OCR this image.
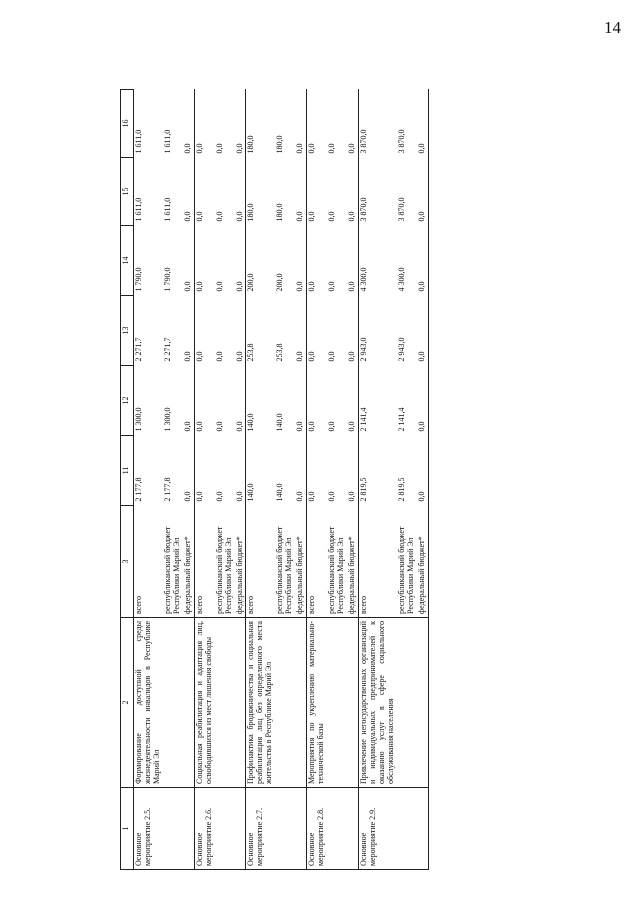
14
1	2	3	11	12	13	14	15	16
Основное мероприятие 2.5.	Формирование доступной среды жизнедеятельности инвалидов в Республике Марий Эл	всего	2 177,8	1 300,0	2 271,7	1 790,0	1 611,0	1 611,0
		республиканский бюджет Республики Марий Эл	2 177,8	1 300,0	2 271,7	1 790,0	1 611,0	1 611,0
		федеральный бюджет*	0,0	0,0	0,0	0,0	0,0	0,0
Основное мероприятие 2.6.	Социальная реабилитация и адаптация лиц, освободившихся из мест лишения свободы	всего	0,0	0,0	0,0	0,0	0,0	0,0
		республиканский бюджет Республики Марий Эл	0,0	0,0	0,0	0,0	0,0	0,0
		федеральный бюджет*	0,0	0,0	0,0	0,0	0,0	0,0
Основное мероприятие 2.7.	Профилактика бродяжничества и социальная реабилитация лиц без определенного места жительства в Республике Марий Эл	всего	140,0	140,0	253,8	200,0	180,0	180,0
		республиканский бюджет Республики Марий Эл	140,0	140,0	253,8	200,0	180,0	180,0
		федеральный бюджет*	0,0	0,0	0,0	0,0	0,0	0,0
Основное мероприятие 2.8.	Мероприятия по укреплению материально-технической базы	всего	0,0	0,0	0,0	0,0	0,0	0,0
		республиканский бюджет Республики Марий Эл	0,0	0,0	0,0	0,0	0,0	0,0
		федеральный бюджет*	0,0	0,0	0,0	0,0	0,0	0,0
Основное мероприятие 2.9.	Привлечение негосударственных организаций и индивидуальных предпринимателей к оказанию услуг в сфере социального обслуживания населения	всего	2 819,5	2 141,4	2 943,0	4 300,0	3 870,0	3 870,0
		республиканский бюджет Республики Марий Эл	2 819,5	2 141,4	2 943,0	4 300,0	3 870,0	3 870,0
		федеральный бюджет*	0,0	0,0	0,0	0,0	0,0	0,0
